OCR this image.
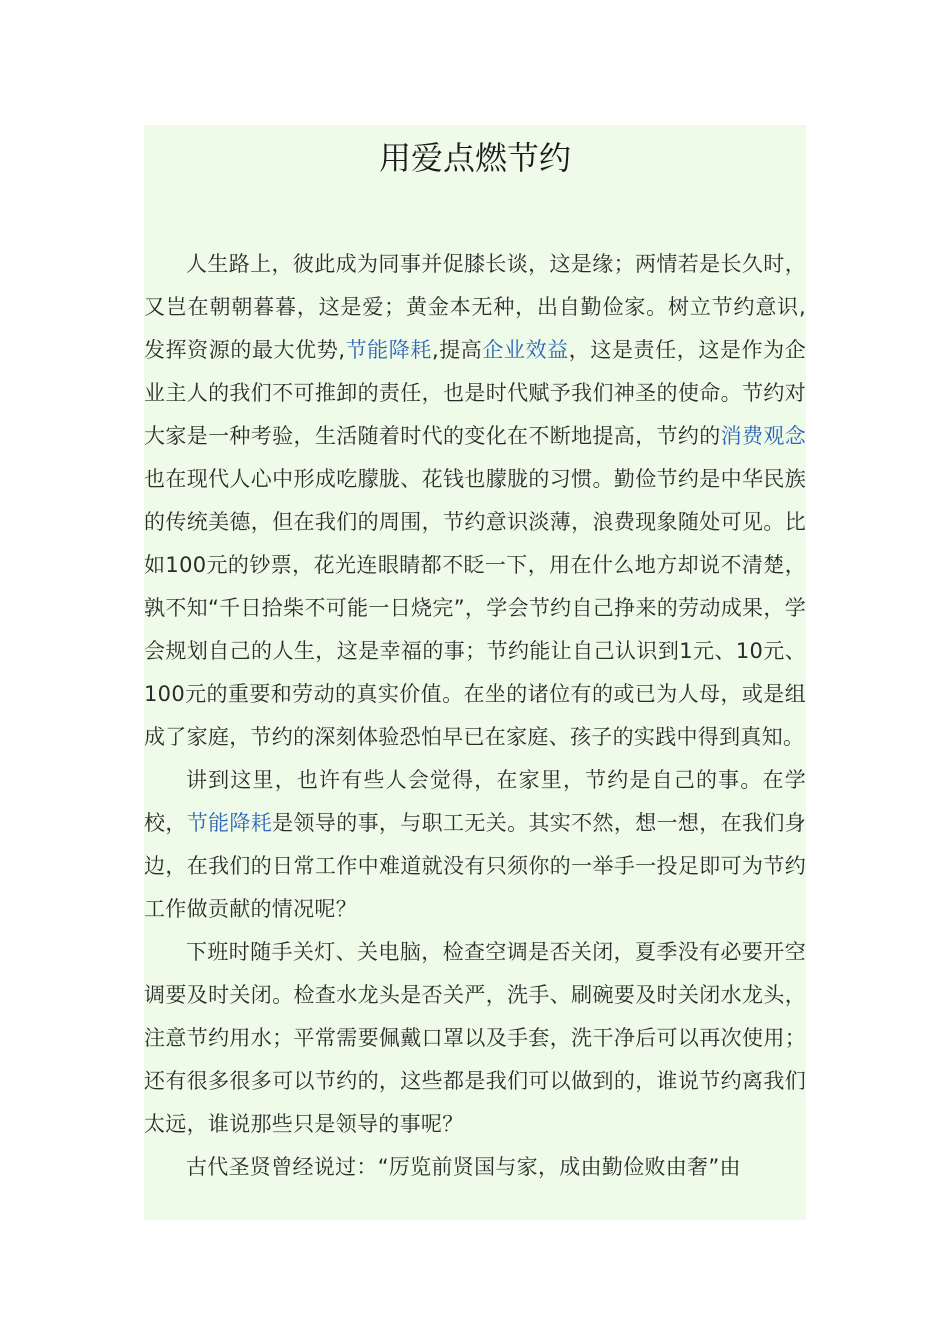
用爱点燃节约

人生路上，彼此成为同事并促膝长谈，这是缘；两情若是长久时，又岂在朝朝暮暮，这是爱；黄金本无种，出自勤俭家。树立节约意识,发挥资源的最大优势,节能降耗,提高企业效益，这是责任，这是作为企业主人的我们不可推卸的责任，也是时代赋予我们神圣的使命。节约对大家是一种考验，生活随着时代的变化在不断地提高，节约的消费观念也在现代人心中形成吃朦胧、花钱也朦胧的习惯。勤俭节约是中华民族的传统美德，但在我们的周围，节约意识淡薄，浪费现象随处可见。比如100元的钞票，花光连眼睛都不眨一下，用在什么地方却说不清楚，孰不知“千日拾柴不可能一日烧完”，学会节约自己挣来的劳动成果，学会规划自己的人生，这是幸福的事；节约能让自己认识到1元、10元、100元的重要和劳动的真实价值。在坐的诸位有的或已为人母，或是组成了家庭，节约的深刻体验恐怕早已在家庭、孩子的实践中得到真知。

讲到这里，也许有些人会觉得，在家里，节约是自己的事。在学校，节能降耗是领导的事，与职工无关。其实不然，想一想，在我们身边，在我们的日常工作中难道就没有只须你的一举手一投足即可为节约工作做贡献的情况呢？

下班时随手关灯、关电脑，检查空调是否关闭，夏季没有必要开空调要及时关闭。检查水龙头是否关严，洗手、刷碗要及时关闭水龙头，注意节约用水；平常需要佩戴口罩以及手套，洗干净后可以再次使用；还有很多很多可以节约的，这些都是我们可以做到的，谁说节约离我们太远，谁说那些只是领导的事呢？

古代圣贤曾经说过：“厉览前贤国与家，成由勤俭败由奢”由
